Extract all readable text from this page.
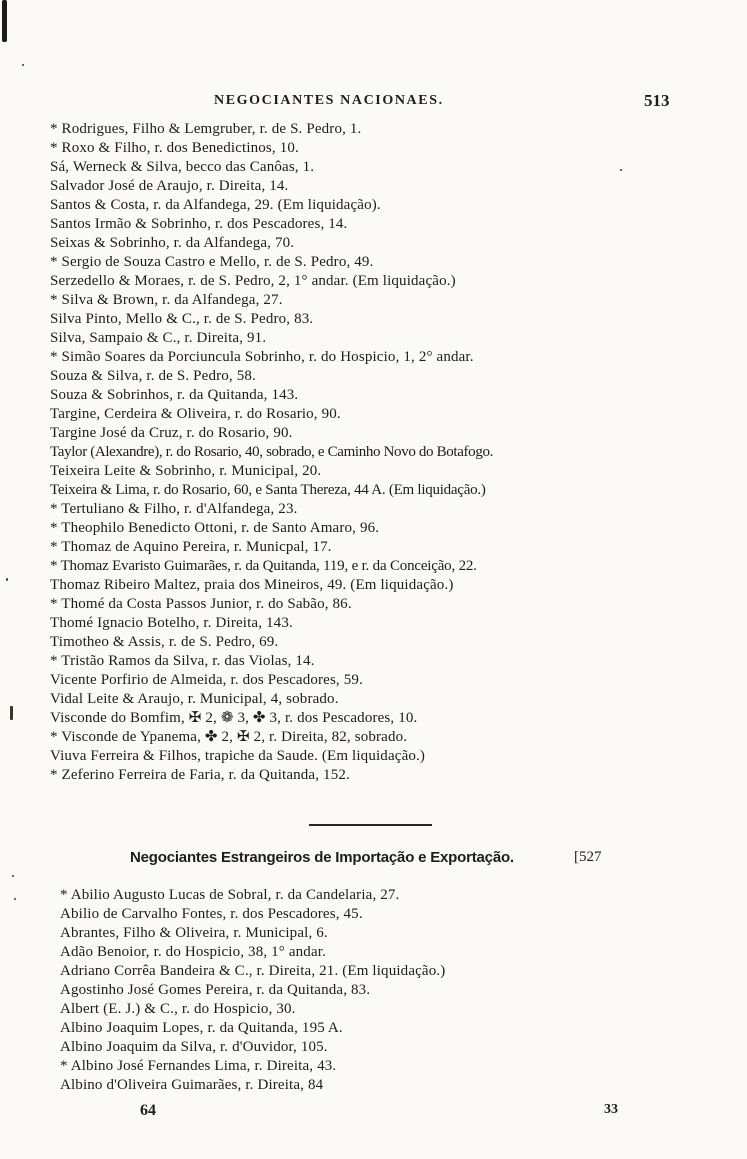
NEGOCIANTES NACIONAES.	513
* Rodrigues, Filho & Lemgruber, r. de S. Pedro, 1.
* Roxo & Filho, r. dos Benedictinos, 10.
Sá, Werneck & Silva, becco das Canôas, 1.
Salvador José de Araujo, r. Direita, 14.
Santos & Costa, r. da Alfandega, 29. (Em liquidação).
Santos Irmão & Sobrinho, r. dos Pescadores, 14.
Seixas & Sobrinho, r. da Alfandega, 70.
* Sergio de Souza Castro e Mello, r. de S. Pedro, 49.
Serzedello & Moraes, r. de S. Pedro, 2, 1° andar. (Em liquidação.)
* Silva & Brown, r. da Alfandega, 27.
Silva Pinto, Mello & C., r. de S. Pedro, 83.
Silva, Sampaio & C., r. Direita, 91.
* Simão Soares da Porciuncula Sobrinho, r. do Hospicio, 1, 2° andar.
Souza & Silva, r. de S. Pedro, 58.
Souza & Sobrinhos, r. da Quitanda, 143.
Targine, Cerdeira & Oliveira, r. do Rosario, 90.
Targine José da Cruz, r. do Rosario, 90.
Taylor (Alexandre), r. do Rosario, 40, sobrado, e Caminho Novo do Botafogo.
Teixeira Leite & Sobrinho, r. Municipal, 20.
Teixeira & Lima, r. do Rosario, 60, e Santa Thereza, 44 A. (Em liquidação.)
* Tertuliano & Filho, r. d'Alfandega, 23.
* Theophilo Benedicto Ottoni, r. de Santo Amaro, 96.
* Thomaz de Aquino Pereira, r. Municpal, 17.
* Thomaz Evaristo Guimarães, r. da Quitanda, 119, e r. da Conceição, 22.
Thomaz Ribeiro Maltez, praia dos Mineiros, 49. (Em liquidação.)
* Thomé da Costa Passos Junior, r. do Sabão, 86.
Thomé Ignacio Botelho, r. Direita, 143.
Timotheo & Assis, r. de S. Pedro, 69.
* Tristão Ramos da Silva, r. das Violas, 14.
Vicente Porfirio de Almeida, r. dos Pescadores, 59.
Vidal Leite & Araujo, r. Municipal, 4, sobrado.
Visconde do Bomfim, ✠ 2, ❁ 3, ✤ 3, r. dos Pescadores, 10.
* Visconde de Ypanema, ✤ 2, ✠ 2, r. Direita, 82, sobrado.
Viuva Ferreira & Filhos, trapiche da Saude. (Em liquidação.)
* Zeferino Ferreira de Faria, r. da Quitanda, 152.
Negociantes Estrangeiros de Importação e Exportação.	[527
* Abilio Augusto Lucas de Sobral, r. da Candelaria, 27.
Abilio de Carvalho Fontes, r. dos Pescadores, 45.
Abrantes, Filho & Oliveira, r. Municipal, 6.
Adão Benoior, r. do Hospicio, 38, 1° andar.
Adriano Corrêa Bandeira & C., r. Direita, 21. (Em liquidação.)
Agostinho José Gomes Pereira, r. da Quitanda, 83.
Albert (E. J.) & C., r. do Hospicio, 30.
Albino Joaquim Lopes, r. da Quitanda, 195 A.
Albino Joaquim da Silva, r. d'Ouvidor, 105.
* Albino José Fernandes Lima, r. Direita, 43.
Albino d'Oliveira Guimarães, r. Direita, 84
64	33
